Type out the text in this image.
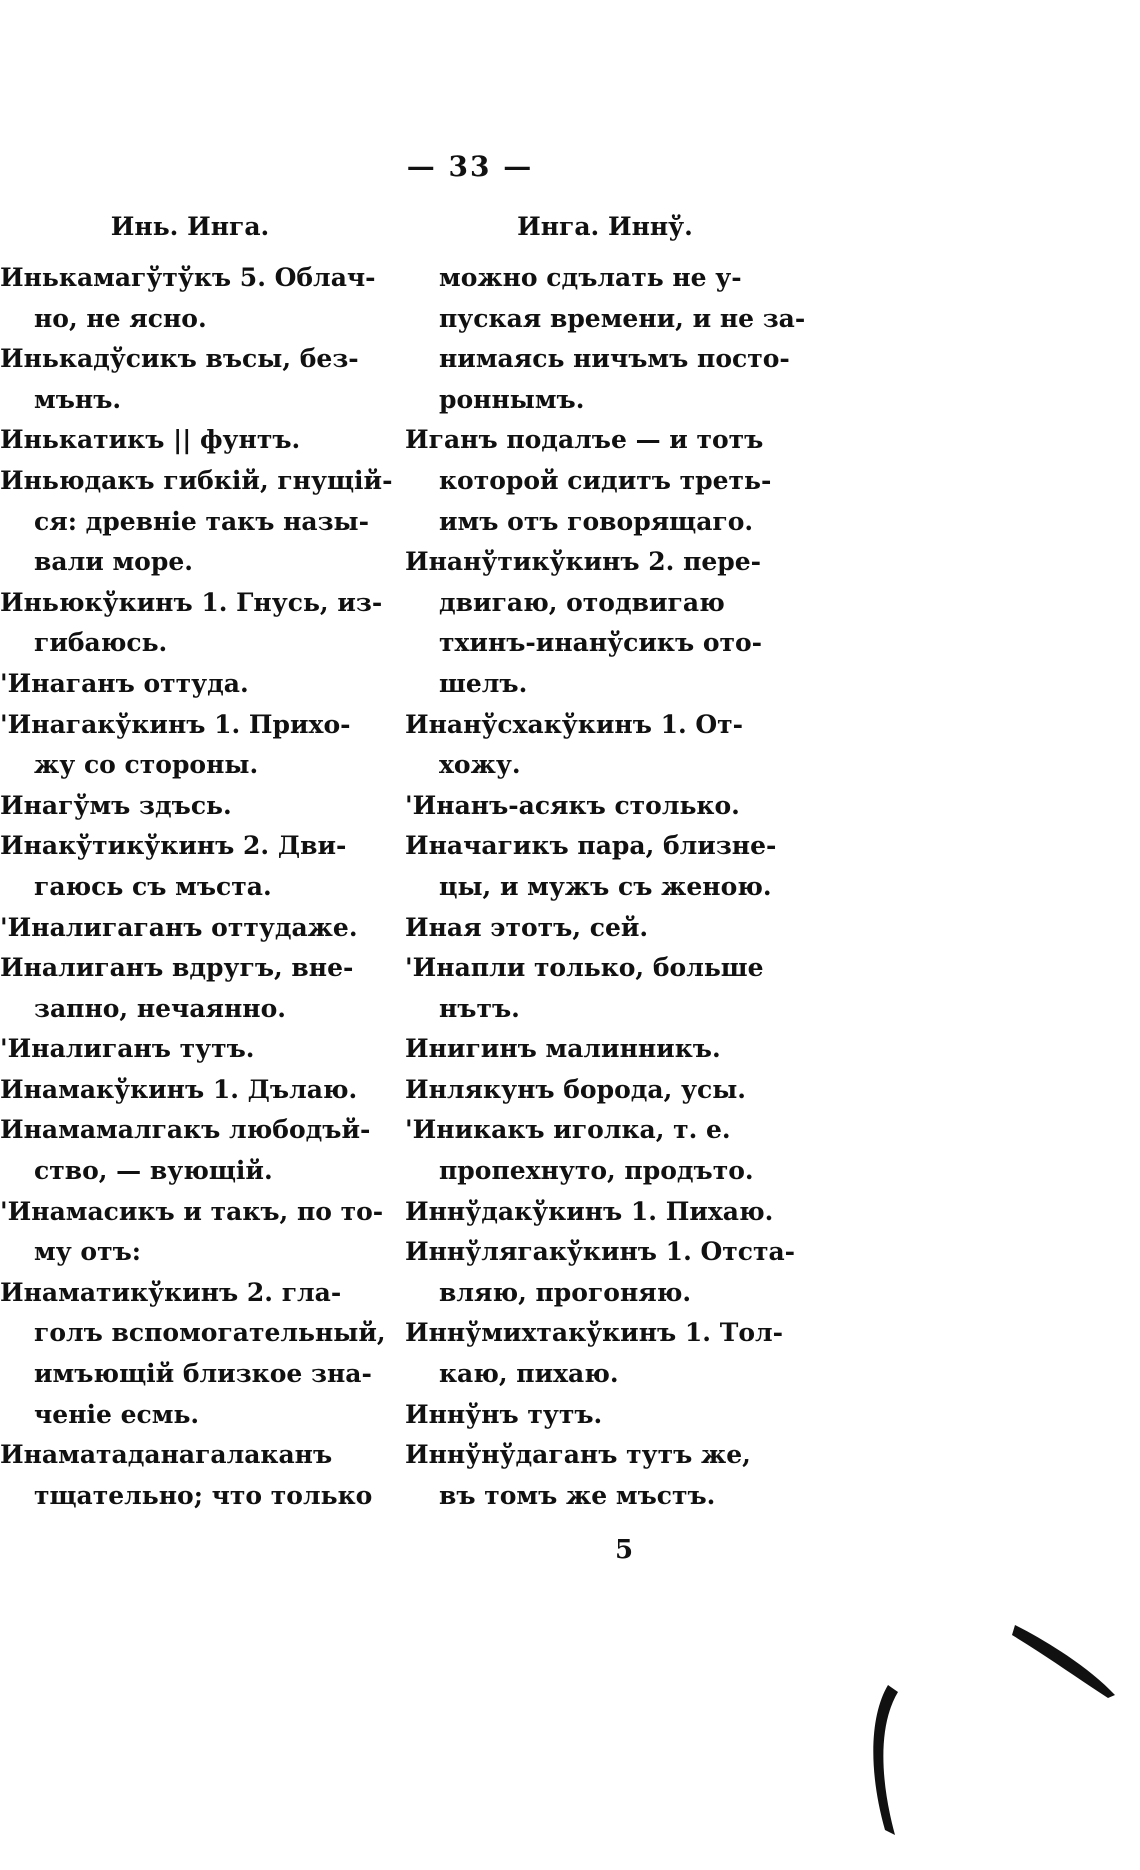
— 33 —
Инь. Инга.
Инькамагўтўкъ 5. Облач-
но, не ясно.
Инькадўсикъ въсы, без-
мънъ.
Инькатикъ || фунтъ.
Иньюдакъ гибкій, гнущій-
ся: древніе такъ назы-
вали море.
Иньюкўкинъ 1. Гнусь, из-
гибаюсь.
'Инаганъ оттуда.
'Инагакўкинъ 1. Прихо-
жу со стороны.
Инагўмъ здъсь.
Инакўтикўкинъ 2. Дви-
гаюсь съ мъста.
'Иналигаганъ оттудаже.
Иналиганъ вдругъ, вне-
запно, нечаянно.
'Иналиганъ тутъ.
Инамакўкинъ 1. Дълаю.
Инамамалгакъ любодъй-
ство, — вующій.
'Инамасикъ и такъ, по то-
му отъ:
Инаматикўкинъ 2. гла-
голъ вспомогательный,
имъющій близкое зна-
ченіе есмь.
Инаматаданагалаканъ
тщательно; что только
Инга. Иннў.
можно сдълать не у-
пуская времени, и не за-
нимаясь ничъмъ посто-
роннымъ.
Иганъ подалъе — и тотъ
которой сидитъ треть-
имъ отъ говорящаго.
Инанўтикўкинъ 2. пере-
двигаю, отодвигаю
тхинъ-инанўсикъ ото-
шелъ.
Инанўсхакўкинъ 1. От-
хожу.
'Инанъ-асякъ столько.
Иначагикъ пара, близне-
цы, и мужъ съ женою.
Иная этотъ, сей.
'Инапли только, больше
нътъ.
Инигинъ малинникъ.
Инлякунъ борода, усы.
'Иникакъ иголка, т. е.
пропехнуто, продъто.
Иннўдакўкинъ 1. Пихаю.
Иннўлягакўкинъ 1. Отста-
вляю, прогоняю.
Иннўмихтакўкинъ 1. Тол-
каю, пихаю.
Иннўнъ тутъ.
Иннўнўдаганъ тутъ же,
въ томъ же мъстъ.
5
